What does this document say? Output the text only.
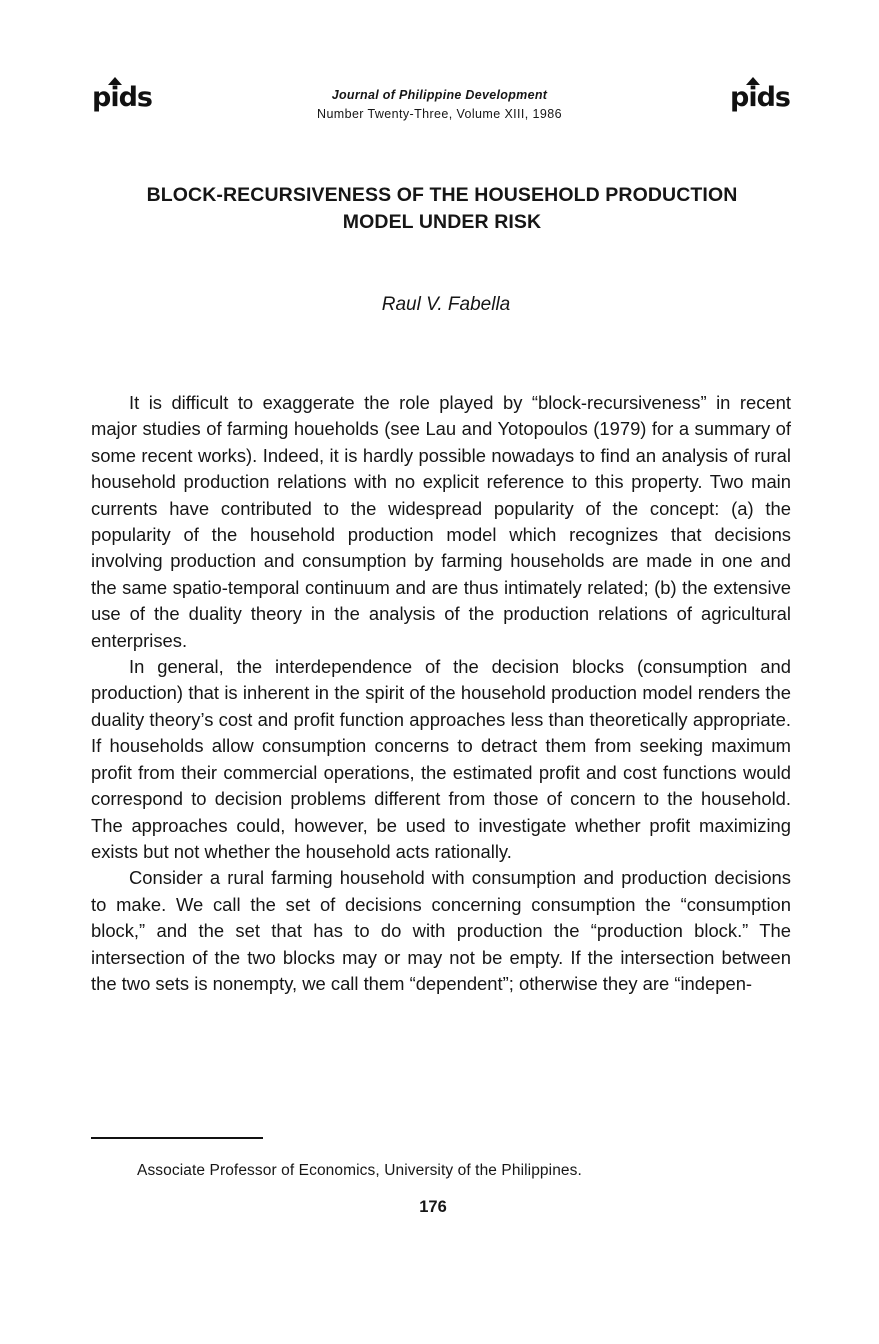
pids	Journal of Philippine Development
Number Twenty-Three, Volume XIII, 1986
pids
BLOCK-RECURSIVENESS OF THE HOUSEHOLD PRODUCTION
MODEL UNDER RISK
Raul V. Fabella

It is difficult to exaggerate the role played by “block-recursiveness” in recent major studies of farming houeholds (see Lau and Yotopoulos (1979) for a summary of some recent works). Indeed, it is hardly possible nowadays to find an analysis of rural household production relations with no explicit reference to this property. Two main currents have contributed to the widespread popularity of the concept: (a) the popularity of the household production model which recognizes that decisions involving production and consumption by farming households are made in one and the same spatio-temporal continuum and are thus intimately related; (b) the extensive use of the duality theory in the analysis of the production relations of agricultural enterprises.

In general, the interdependence of the decision blocks (consumption and production) that is inherent in the spirit of the household production model renders the duality theory’s cost and profit function approaches less than theoretically appropriate. If households allow consumption concerns to detract them from seeking maximum profit from their commercial operations, the estimated profit and cost functions would correspond to decision problems different from those of concern to the household. The approaches could, however, be used to investigate whether profit maximizing exists but not whether the household acts rationally.

Consider a rural farming household with consumption and production decisions to make. We call the set of decisions concerning consumption the “consumption block,” and the set that has to do with production the “production block.” The intersection of the two blocks may or may not be empty. If the intersection between the two sets is nonempty, we call them “dependent”; otherwise they are “indepen-

Associate Professor of Economics, University of the Philippines.
176
